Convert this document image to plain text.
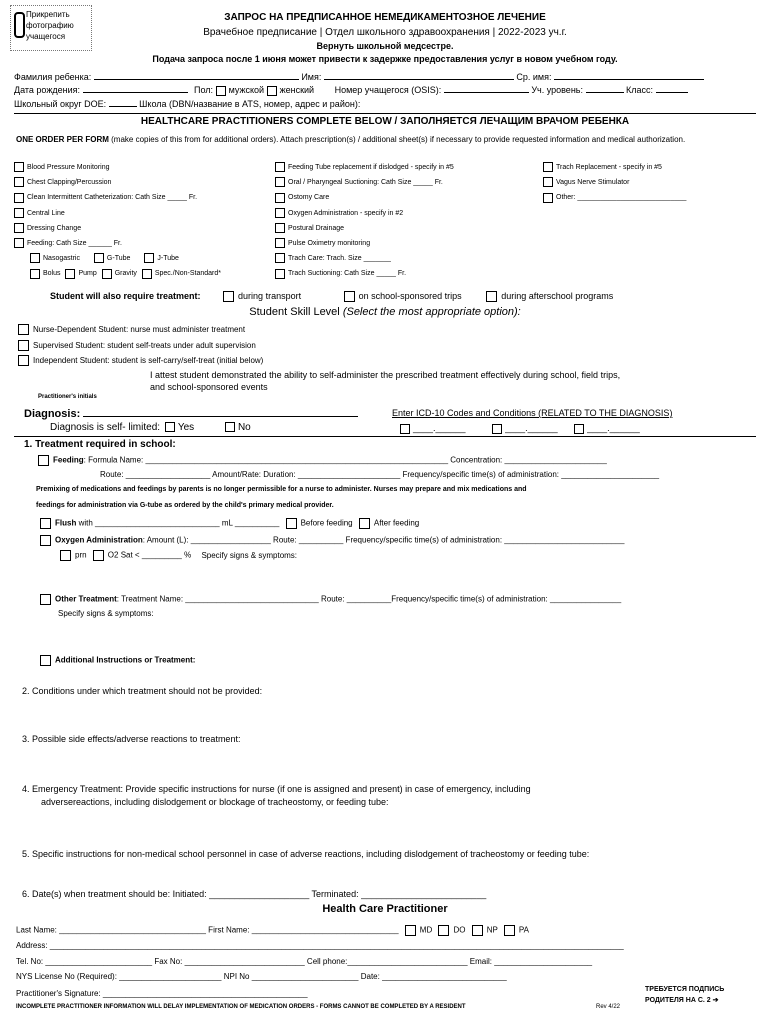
Прикрепить фотографию учащегося
ЗАПРОС НА ПРЕДПИСАННОЕ НЕМЕДИКАМЕНТОЗНОЕ ЛЕЧЕНИЕ
Врачебное предписание | Отдел школьного здравоохранения | 2022-2023 уч.г.
Вернуть школьной медсестре.
Подача запроса после 1 июня может привести к задержке предоставления услуг в новом учебном году.
Фамилия ребенка:	Имя:	Ср. имя:
Дата рождения:	Пол: мужской женский Номер учащегося (OSIS):	Уч. уровень:	Класс:
Школьный округ DOE:	Школа (DBN/название в ATS, номер, адрес и район):
HEALTHCARE PRACTITIONERS COMPLETE BELOW / ЗАПОЛНЯЕТСЯ ЛЕЧАЩИМ ВРАЧОМ РЕБЕНКА
ONE ORDER PER FORM (make copies of this from for additional orders). Attach prescription(s) / additional sheet(s) if necessary to provide requested information and medical authorization.
Blood Pressure Monitoring
Chest Clapping/Percussion
Clean Intermittent Catheterization: Cath Size _____ Fr.
Central Line
Dressing Change
Feeding: Cath Size ______ Fr.
Nasogastric	G-Tube	J-Tube
Bolus	Pump	Gravity	Spec./Non-Standard*
Feeding Tube replacement if dislodged - specify in #5
Oral / Pharyngeal Suctioning: Cath Size _____ Fr.
Ostomy Care
Oxygen Administration - specify in #2
Postural Drainage
Pulse Oximetry monitoring
Trach Care: Trach. Size _______
Trach Suctioning: Cath Size _____ Fr.
Trach Replacement - specify in #5
Vagus Nerve Stimulator
Other: ____________________________
Student will also require treatment:	during transport	on school-sponsored trips	during afterschool programs
Student Skill Level (Select the most appropriate option):
Nurse-Dependent Student: nurse must administer treatment
Supervised Student: student self-treats under adult supervision
Independent Student: student is self-carry/self-treat (initial below)
I attest student demonstrated the ability to self-administer the prescribed treatment effectively during school, field trips,
and school-sponsored events
Practitioner's initials
Diagnosis:	Enter ICD-10 Codes and Conditions (RELATED TO THE DIAGNOSIS)
Diagnosis is self- limited: Yes	No	____.______	____.______	____.______
1. Treatment required in school:
Feeding: Formula Name: ____________________________________________________________________ Concentration: _______________________
Route: ___________________ Amount/Rate: Duration: _______________________ Frequency/specific time(s) of administration: ______________________
Premixing of medications and feedings by parents is no longer permissible for a nurse to administer. Nurses may prepare and mix medications and
feedings for administration via G-tube as ordered by the child's primary medical provider.
Flush with ____________________________ mL __________	Before feeding	After feeding
Oxygen Administration: Amount (L): __________________ Route: __________ Frequency/specific time(s) of administration: ___________________________
prn	O2 Sat < _________ % Specify signs & symptoms:
Other Treatment: Treatment Name: ______________________________ Route: __________Frequency/specific time(s) of administration: ________________
Specify signs & symptoms:
Additional Instructions or Treatment:
2. Conditions under which treatment should not be provided:
3. Possible side effects/adverse reactions to treatment:
4. Emergency Treatment: Provide specific instructions for nurse (if one is assigned and present) in case of emergency, including
adversereactions, including dislodgement or blockage of tracheostomy, or feeding tube:
5. Specific instructions for non-medical school personnel in case of adverse reactions, including dislodgement of tracheostomy or feeding tube:
6. Date(s) when treatment should be: Initiated: ____________________ Terminated: _________________________
Health Care Practitioner
Last Name: _________________________________ First Name: _________________________________	MD	DO	NP	PA
Address: _________________________________________________________________________________________________________________________________
Tel. No: ________________________ Fax No: ___________________________ Cell phone:___________________________ Email: ______________________
NYS License No (Required): _______________________ NPI No ________________________ Date: ____________________________
Practitioner's Signature: ______________________________________________	ТРЕБУЕТСЯ ПОДПИСЬ
РОДИТЕЛЯ НА С. 2 ➔
INCOMPLETE PRACTITIONER INFORMATION WILL DELAY IMPLEMENTATION OF MEDICATION ORDERS - FORMS CANNOT BE COMPLETED BY A RESIDENT	Rev 4/22
